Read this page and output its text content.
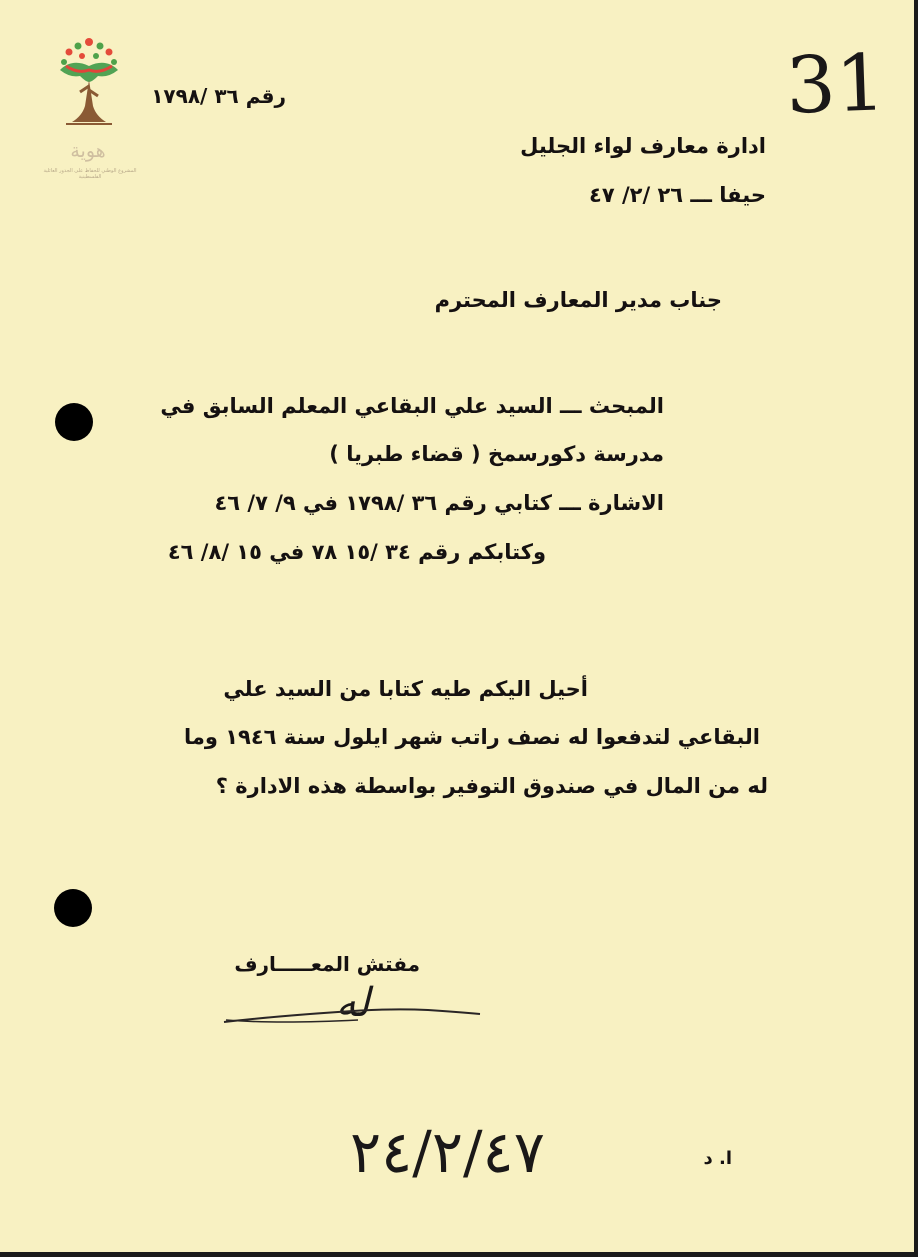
هوية
المشروع الوطني للحفاظ على الجذور العائلية الفلسطينية
رقم ٣٦ /١٧٩٨	31
ادارة معارف لواء الجليل
حيفا ـــ ٢٦ /٢/ ٤٧
جناب مدير المعارف المحترم
المبحث ـــ السيد علي البقاعي المعلم السابق في
مدرسة دكورسمخ ( قضاء طبريا )
الاشارة ـــ كتابي رقم ٣٦ /١٧٩٨ في ٩/ ٧/ ٤٦
وكتابكم رقم ٣٤ /١٥ ٧٨ في ١٥ /٨/ ٤٦
أحيل اليكم طيه كتابا من السيد علي
البقاعي لتدفعوا له نصف راتب شهر ايلول سنة ١٩٤٦ وما
له من المال في صندوق التوفير بواسطة هذه الادارة ؟
مفتش المعـــــارف
له
٢٤/٢/٤٧	ا. د
